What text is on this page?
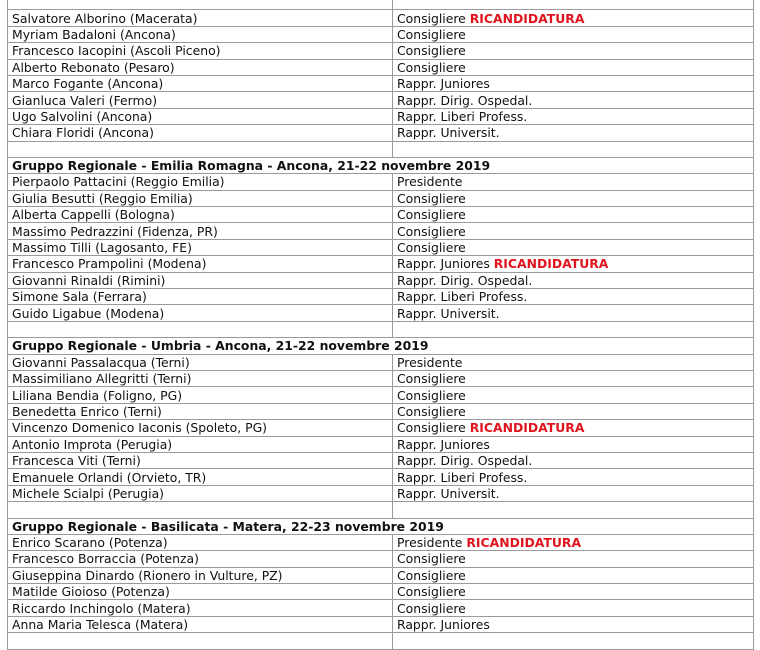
Salvatore Alborino (Macerata)	Consigliere RICANDIDATURA
Myriam Badaloni (Ancona)	Consigliere
Francesco Iacopini (Ascoli Piceno)	Consigliere
Alberto Rebonato (Pesaro)	Consigliere
Marco Fogante (Ancona)	Rappr. Juniores
Gianluca Valeri (Fermo)	Rappr. Dirig. Ospedal.
Ugo Salvolini (Ancona)	Rappr. Liberi Profess.
Chiara Floridi (Ancona)	Rappr. Universit.

Gruppo Regionale - Emilia Romagna - Ancona, 21-22 novembre 2019	
Pierpaolo Pattacini (Reggio Emilia)	Presidente
Giulia Besutti (Reggio Emilia)	Consigliere
Alberta Cappelli (Bologna)	Consigliere
Massimo Pedrazzini (Fidenza, PR)	Consigliere
Massimo Tilli (Lagosanto, FE)	Consigliere
Francesco Prampolini (Modena)	Rappr. Juniores RICANDIDATURA
Giovanni Rinaldi (Rimini)	Rappr. Dirig. Ospedal.
Simone Sala (Ferrara)	Rappr. Liberi Profess.
Guido Ligabue (Modena)	Rappr. Universit.

Gruppo Regionale - Umbria - Ancona, 21-22 novembre 2019	
Giovanni Passalacqua (Terni)	Presidente
Massimiliano Allegritti (Terni)	Consigliere
Liliana Bendia (Foligno, PG)	Consigliere
Benedetta Enrico (Terni)	Consigliere
Vincenzo Domenico Iaconis (Spoleto, PG)	Consigliere RICANDIDATURA
Antonio Improta (Perugia)	Rappr. Juniores
Francesca Viti (Terni)	Rappr. Dirig. Ospedal.
Emanuele Orlandi (Orvieto, TR)	Rappr. Liberi Profess.
Michele Scialpi (Perugia)	Rappr. Universit.

Gruppo Regionale - Basilicata - Matera, 22-23 novembre 2019	
Enrico Scarano (Potenza)	Presidente RICANDIDATURA
Francesco Borraccia (Potenza)	Consigliere
Giuseppina Dinardo (Rionero in Vulture, PZ)	Consigliere
Matilde Gioioso (Potenza)	Consigliere
Riccardo Inchingolo (Matera)	Consigliere
Anna Maria Telesca (Matera)	Rappr. Juniores
